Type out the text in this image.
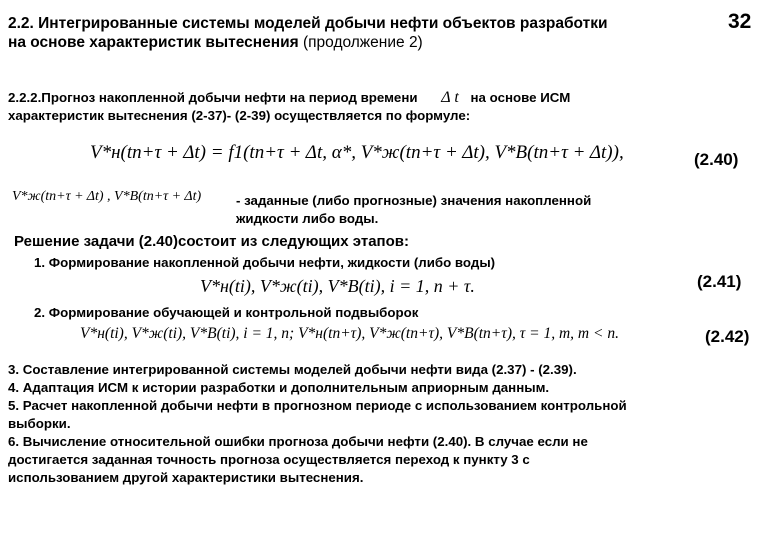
2.2. Интегрированные системы моделей добычи нефти объектов разработки
на основе характеристик вытеснения (продолжение 2)
32
2.2.2.Прогноз накопленной добычи нефти на период времени Δ t на основе ИСМ
характеристик вытеснения (2-37)- (2-39) осуществляется по формуле:
V*н(tn+τ + Δt) = f1(tn+τ + Δt, α*, V*ж(tn+τ + Δt), V*B(tn+τ + Δt)),	(2.40)
V*ж(tn+τ + Δt) , V*B(tn+τ + Δt)	- заданные (либо прогнозные) значения накопленной
жидкости либо воды.
Решение задачи (2.40)состоит из следующих этапов:
1. Формирование накопленной добычи нефти, жидкости (либо воды)
V*н(ti), V*ж(ti), V*B(ti), i = 1, n + τ.	(2.41)
2. Формирование обучающей и контрольной подвыборок
V*н(ti), V*ж(ti), V*B(ti), i = 1, n; V*н(tn+τ), V*ж(tn+τ), V*B(tn+τ), τ = 1, m, m < n.	(2.42)
3. Составление интегрированной системы моделей добычи нефти вида (2.37) - (2.39).
4. Адаптация ИСМ к истории разработки и дополнительным априорным данным.
5. Расчет накопленной добычи нефти в прогнозном периоде с использованием контрольной
выборки.
6. Вычисление относительной ошибки прогноза добычи нефти (2.40). В случае если не
достигается заданная точность прогноза осуществляется переход к пункту 3 с
использованием другой характеристики вытеснения.
